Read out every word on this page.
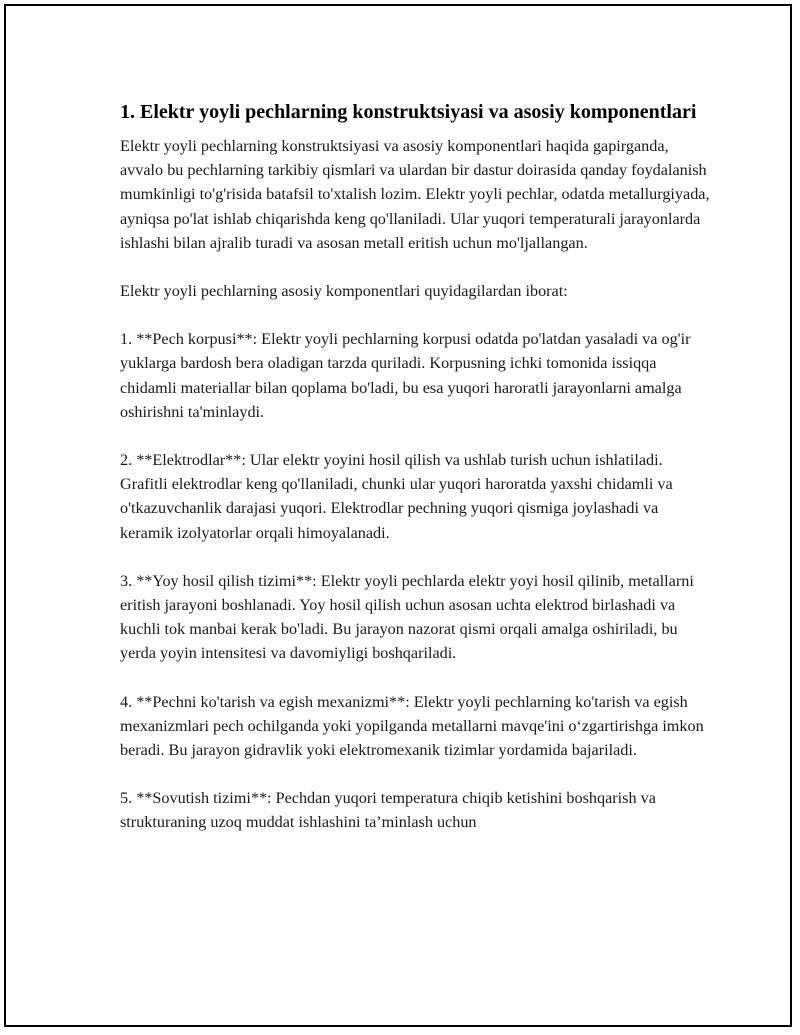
1. Elektr yoyli pechlarning konstruktsiyasi va asosiy komponentlari

Elektr yoyli pechlarning konstruktsiyasi va asosiy komponentlari haqida gapirganda, avvalo bu pechlarning tarkibiy qismlari va ulardan bir dastur doirasida qanday foydalanish mumkinligi to'g'risida batafsil to'xtalish lozim. Elektr yoyli pechlar, odatda metallurgiyada, ayniqsa po'lat ishlab chiqarishda keng qo'llaniladi. Ular yuqori temperaturali jarayonlarda ishlashi bilan ajralib turadi va asosan metall eritish uchun mo'ljallangan.

Elektr yoyli pechlarning asosiy komponentlari quyidagilardan iborat:

1. **Pech korpusi**: Elektr yoyli pechlarning korpusi odatda po'latdan yasaladi va og'ir yuklarga bardosh bera oladigan tarzda quriladi. Korpusning ichki tomonida issiqqa chidamli materiallar bilan qoplama bo'ladi, bu esa yuqori haroratli jarayonlarni amalga oshirishni ta'minlaydi.

2. **Elektrodlar**: Ular elektr yoyini hosil qilish va ushlab turish uchun ishlatiladi. Grafitli elektrodlar keng qo'llaniladi, chunki ular yuqori haroratda yaxshi chidamli va o'tkazuvchanlik darajasi yuqori. Elektrodlar pechning yuqori qismiga joylashadi va keramik izolyatorlar orqali himoyalanadi.

3. **Yoy hosil qilish tizimi**: Elektr yoyli pechlarda elektr yoyi hosil qilinib, metallarni eritish jarayoni boshlanadi. Yoy hosil qilish uchun asosan uchta elektrod birlashadi va kuchli tok manbai kerak bo'ladi. Bu jarayon nazorat qismi orqali amalga oshiriladi, bu yerda yoyin intensitesi va davomiyligi boshqariladi.

4. **Pechni ko'tarish va egish mexanizmi**: Elektr yoyli pechlarning ko'tarish va egish mexanizmlari pech ochilganda yoki yopilganda metallarni mavqe'ini o‘zgartirishga imkon beradi. Bu jarayon gidravlik yoki elektromexanik tizimlar yordamida bajariladi.

5. **Sovutish tizimi**: Pechdan yuqori temperatura chiqib ketishini boshqarish va strukturaning uzoq muddat ishlashini ta’minlash uchun
